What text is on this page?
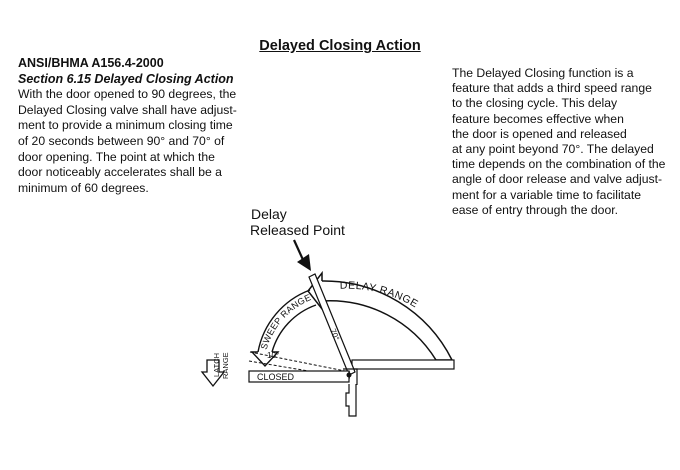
Delayed Closing Action
ANSI/BHMA A156.4-2000
Section 6.15 Delayed Closing Action
With the door opened to 90 degrees, the
Delayed Closing valve shall have adjust-
ment to provide a minimum closing time
of 20 seconds between 90° and 70° of
door opening. The point at which the
door noticeably accelerates shall be a
minimum of 60 degrees.
The Delayed Closing function is a
feature that adds a third speed range
to the closing cycle. This delay
feature becomes effective when
the door is opened and released
at any point beyond 70°. The delayed
time depends on the combination of the
angle of door release and valve adjust-
ment for a variable time to facilitate
ease of entry through the door.
Delay
Released Point
DELAY RANGE
SWEEP RANGE
LATCH RANGE
70°
10°
CLOSED
